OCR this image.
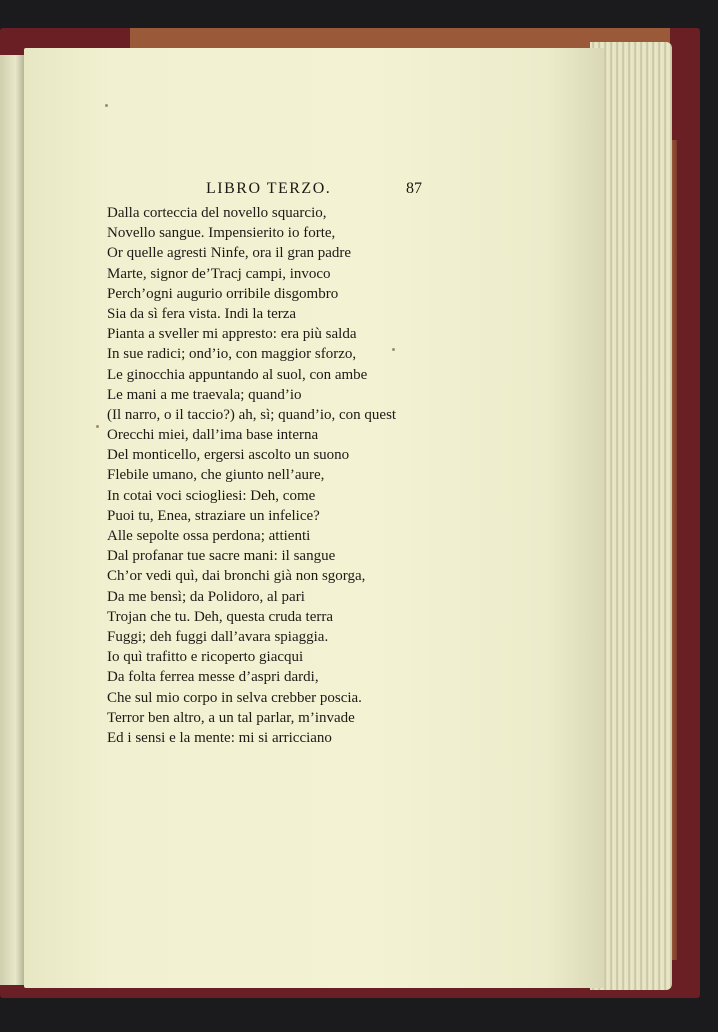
LIBRO TERZO.	87
Dalla corteccia del novello squarcio,
Novello sangue. Impensierito io forte,
Or quelle agresti Ninfe, ora il gran padre
Marte, signor de’Tracj campi, invoco
Perch’ogni augurio orribile disgombro
Sia da sì fera vista. Indi la terza
Pianta a sveller mi appresto: era più salda
In sue radici; ond’io, con maggior sforzo,
Le ginocchia appuntando al suol, con ambe
Le mani a me traevala; quand’io
(Il narro, o il taccio?) ah, sì; quand’io, con quest
Orecchi miei, dall’ima base interna
Del monticello, ergersi ascolto un suono
Flebile umano, che giunto nell’aure,
In cotai voci sciogliesi: Deh, come
Puoi tu, Enea, straziare un infelice?
Alle sepolte ossa perdona; attienti
Dal profanar tue sacre mani: il sangue
Ch’or vedi quì, dai bronchi già non sgorga,
Da me bensì; da Polidoro, al pari
Trojan che tu. Deh, questa cruda terra
Fuggi; deh fuggi dall’avara spiaggia.
Io quì trafitto e ricoperto giacqui
Da folta ferrea messe d’aspri dardi,
Che sul mio corpo in selva crebber poscia.
Terror ben altro, a un tal parlar, m’invade
Ed i sensi e la mente: mi si arricciano
